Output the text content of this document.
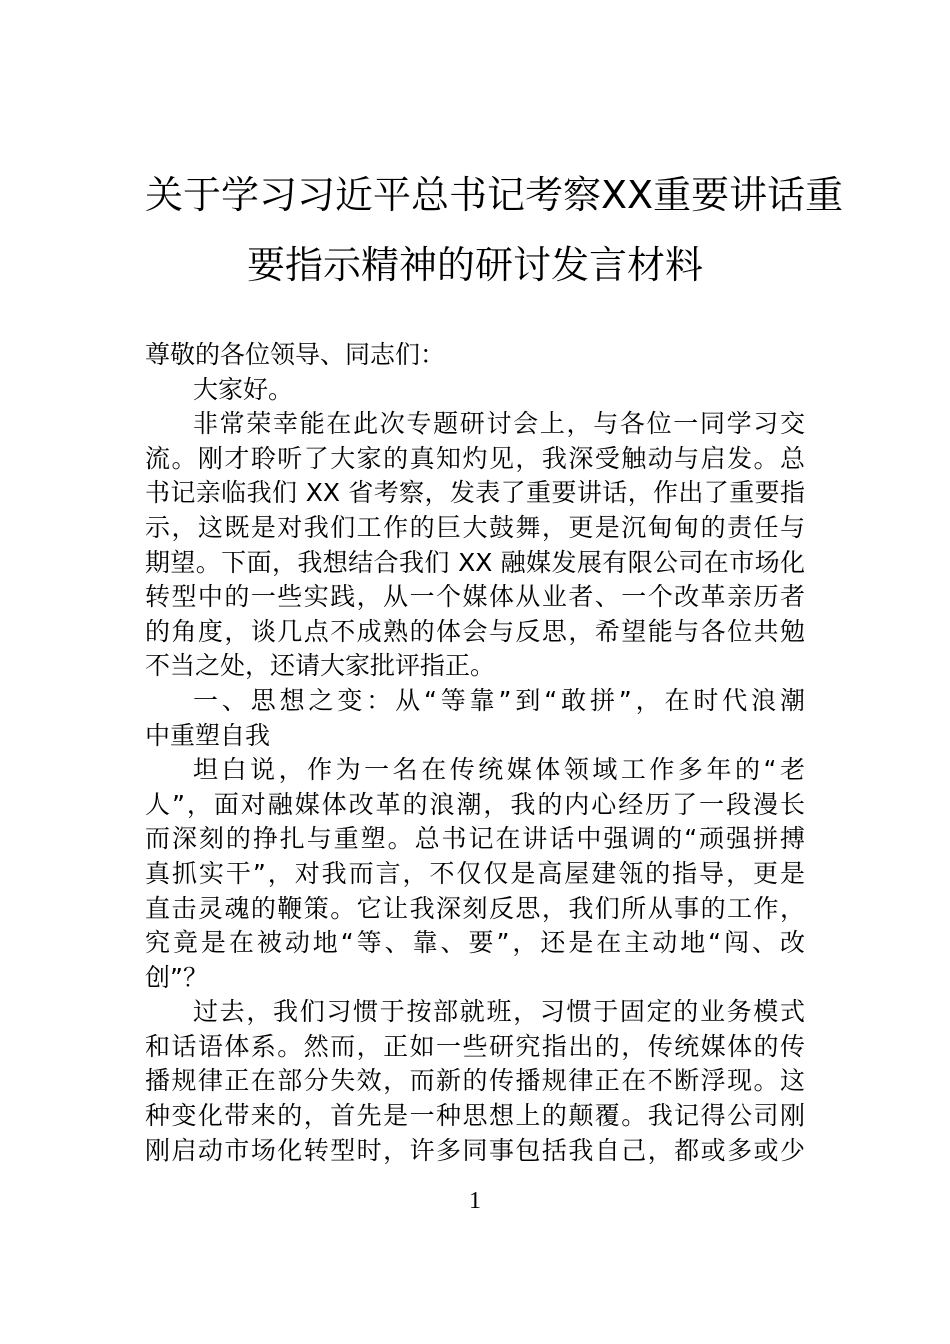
关于学习习近平总书记考察XX重要讲话重
要指示精神的研讨发言材料
尊敬的各位领导、同志们：
大家好。
非常荣幸能在此次专题研讨会上，与各位一同学习交
流。刚才聆听了大家的真知灼见，我深受触动与启发。总
书记亲临我们 XX 省考察，发表了重要讲话，作出了重要指
示，这既是对我们工作的巨大鼓舞，更是沉甸甸的责任与
期望。下面，我想结合我们 XX 融媒发展有限公司在市场化
转型中的一些实践，从一个媒体从业者、一个改革亲历者
的角度，谈几点不成熟的体会与反思，希望能与各位共勉
不当之处，还请大家批评指正。
一、思想之变：从“等靠”到“敢拼”，在时代浪潮
中重塑自我
坦白说，作为一名在传统媒体领域工作多年的“老
人”，面对融媒体改革的浪潮，我的内心经历了一段漫长
而深刻的挣扎与重塑。总书记在讲话中强调的“顽强拼搏
真抓实干”，对我而言，不仅仅是高屋建瓴的指导，更是
直击灵魂的鞭策。它让我深刻反思，我们所从事的工作，
究竟是在被动地“等、靠、要”，还是在主动地“闯、改
创”？
过去，我们习惯于按部就班，习惯于固定的业务模式
和话语体系。然而，正如一些研究指出的，传统媒体的传
播规律正在部分失效，而新的传播规律正在不断浮现。这
种变化带来的，首先是一种思想上的颠覆。我记得公司刚
刚启动市场化转型时，许多同事包括我自己，都或多或少
1
